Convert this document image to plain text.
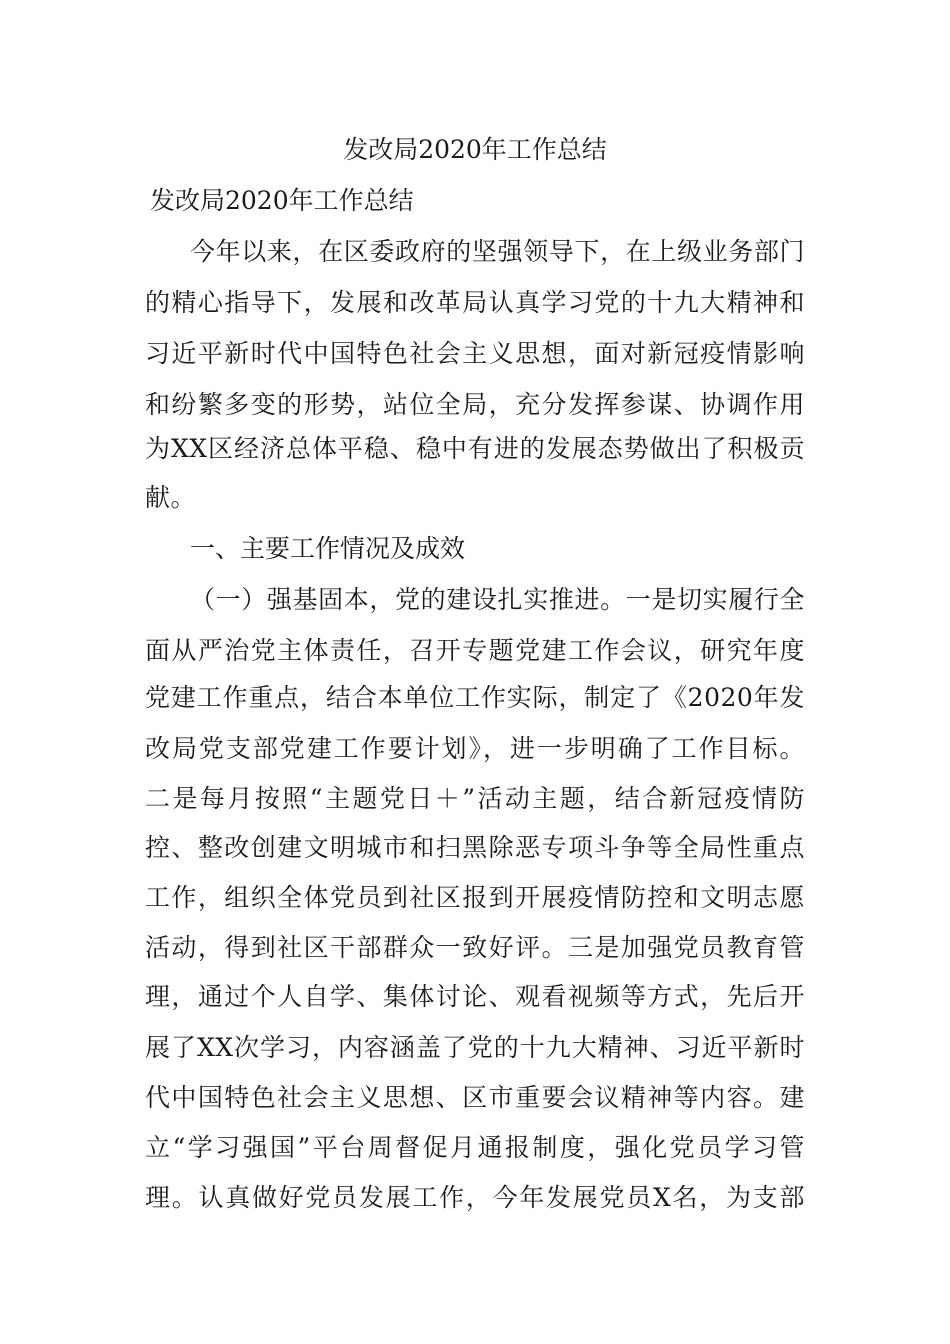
发改局2020年工作总结
发改局2020年工作总结
今年以来，在区委政府的坚强领导下，在上级业务部门
的精心指导下，发展和改革局认真学习党的十九大精神和
习近平新时代中国特色社会主义思想，面对新冠疫情影响
和纷繁多变的形势，站位全局，充分发挥参谋、协调作用
为XX区经济总体平稳、稳中有进的发展态势做出了积极贡
献。
一、主要工作情况及成效
（一）强基固本，党的建设扎实推进。一是切实履行全
面从严治党主体责任，召开专题党建工作会议，研究年度
党建工作重点，结合本单位工作实际，制定了《2020年发
改局党支部党建工作要计划》，进一步明确了工作目标。
二是每月按照“主题党日＋”活动主题，结合新冠疫情防
控、整改创建文明城市和扫黑除恶专项斗争等全局性重点
工作，组织全体党员到社区报到开展疫情防控和文明志愿
活动，得到社区干部群众一致好评。三是加强党员教育管
理，通过个人自学、集体讨论、观看视频等方式，先后开
展了XX次学习，内容涵盖了党的十九大精神、习近平新时
代中国特色社会主义思想、区市重要会议精神等内容。建
立“学习强国”平台周督促月通报制度，强化党员学习管
理。认真做好党员发展工作，今年发展党员X名，为支部
